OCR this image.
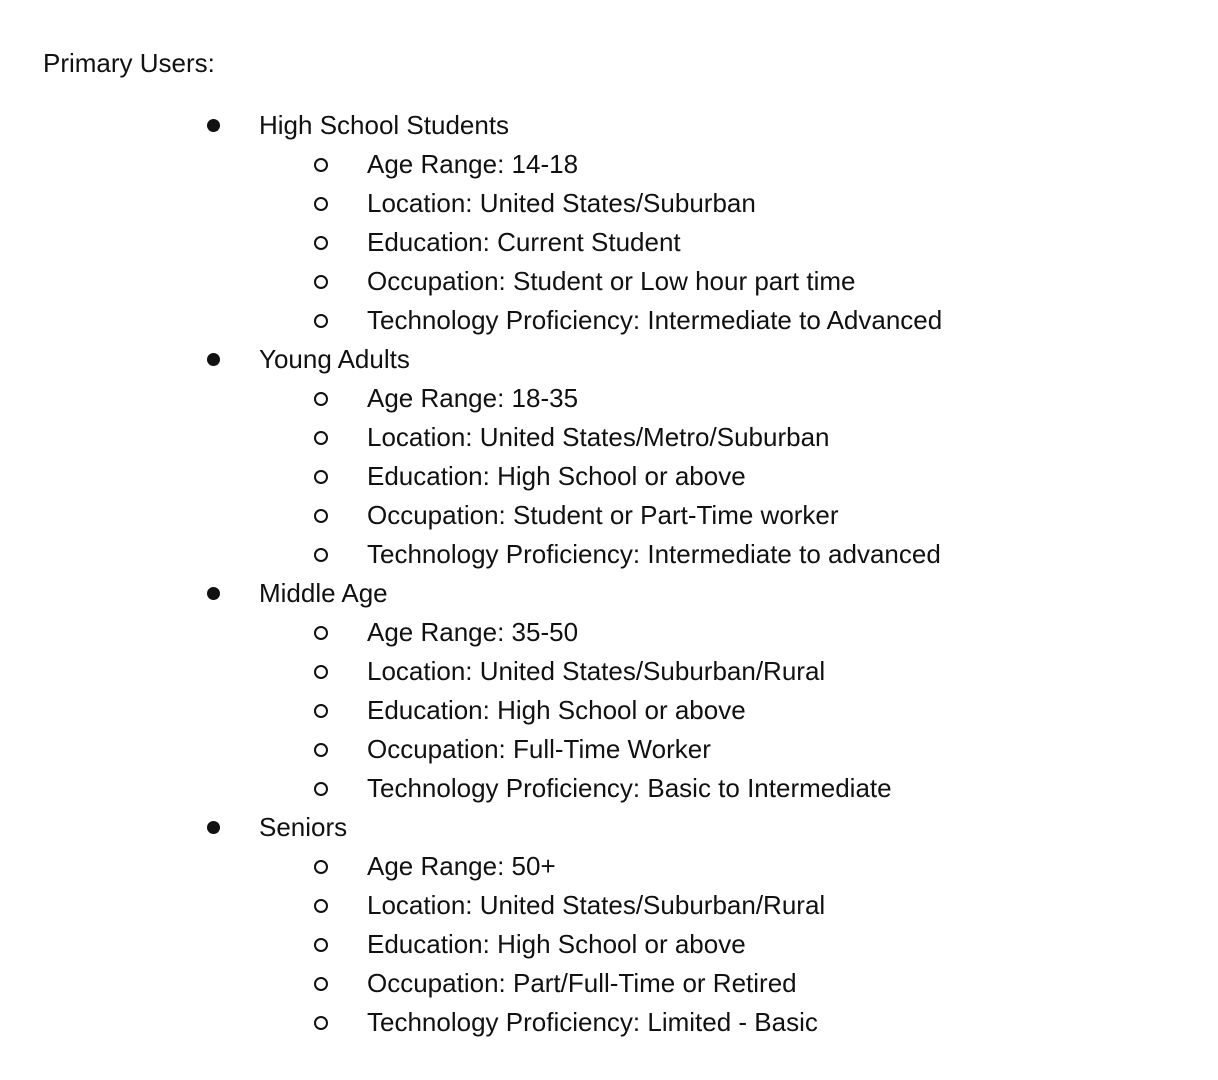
Primary Users:
High School Students
Age Range: 14-18
Location: United States/Suburban
Education: Current Student
Occupation: Student or Low hour part time
Technology Proficiency: Intermediate to Advanced
Young Adults
Age Range: 18-35
Location: United States/Metro/Suburban
Education: High School or above
Occupation: Student or Part-Time worker
Technology Proficiency: Intermediate to advanced
Middle Age
Age Range: 35-50
Location: United States/Suburban/Rural
Education: High School or above
Occupation: Full-Time Worker
Technology Proficiency: Basic to Intermediate
Seniors
Age Range: 50+
Location: United States/Suburban/Rural
Education: High School or above
Occupation: Part/Full-Time or Retired
Technology Proficiency: Limited - Basic
